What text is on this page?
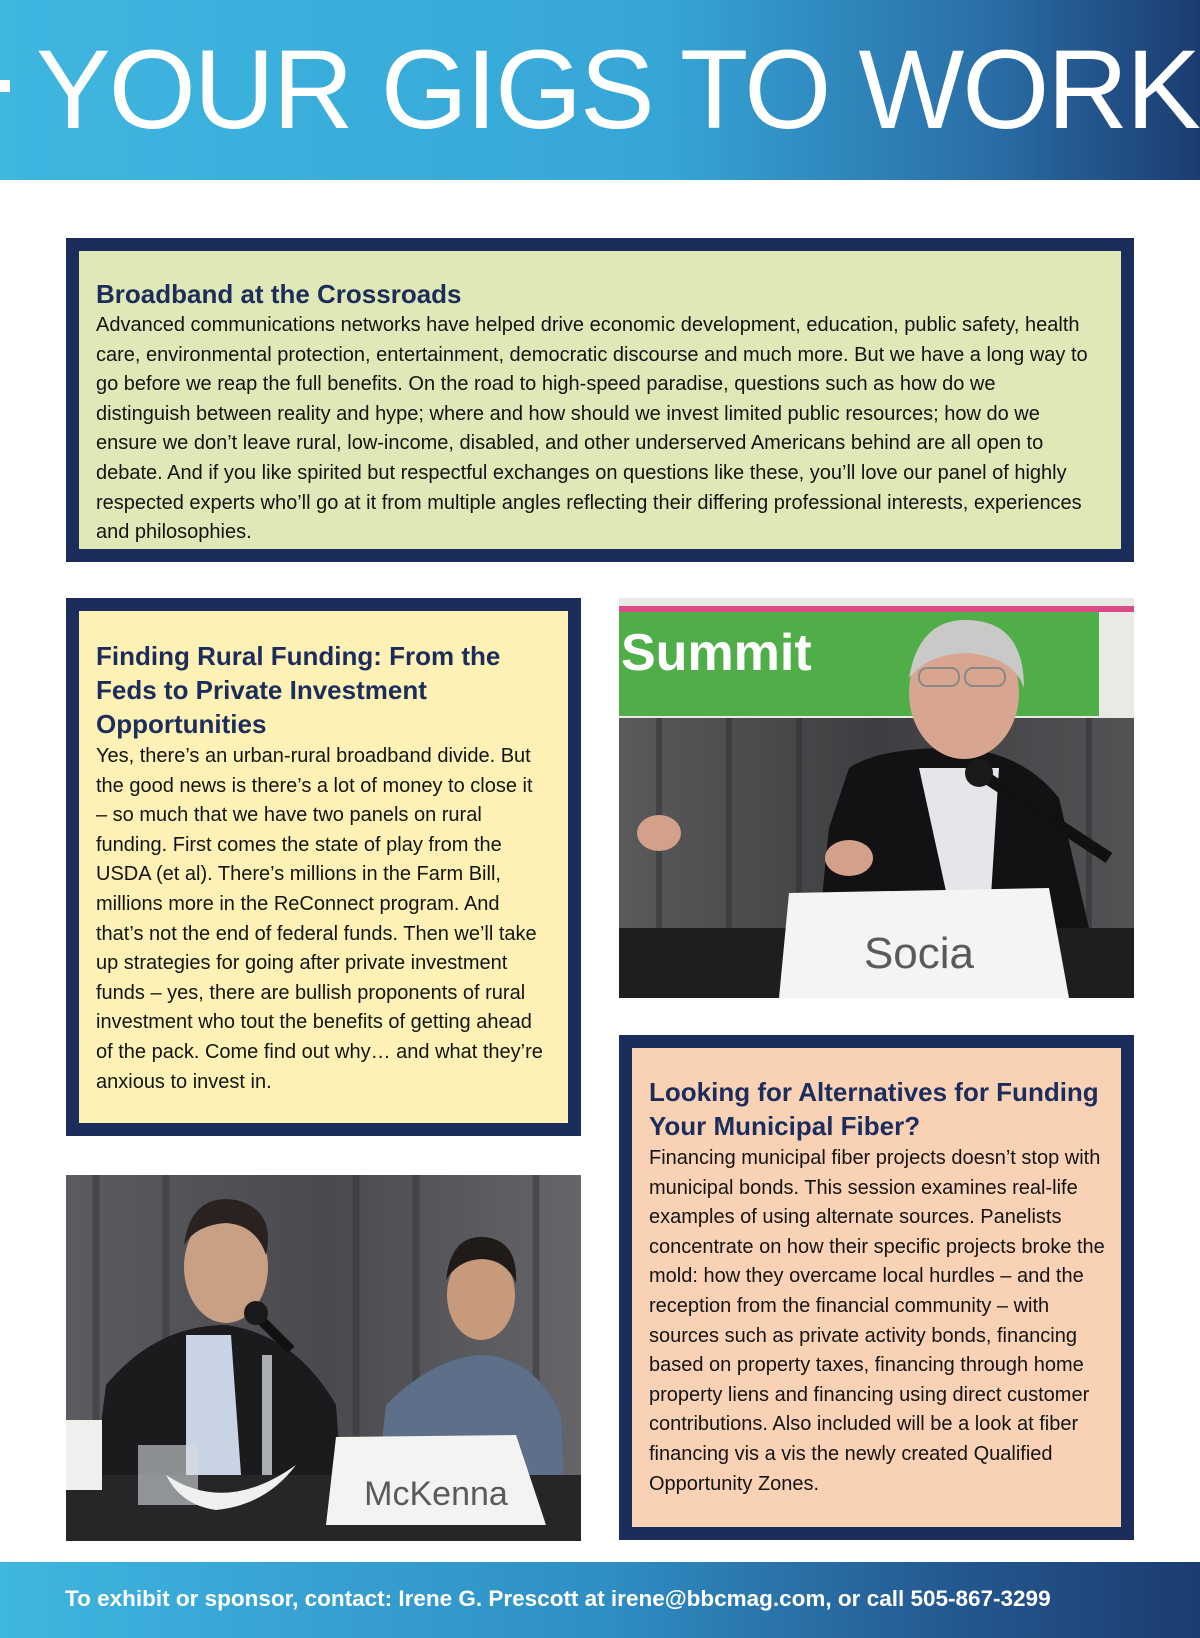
YOUR GIGS TO WORK
Broadband at the Crossroads

Advanced communications networks have helped drive economic development, education, public safety, health care, environmental protection, entertainment, democratic discourse and much more. But we have a long way to go before we reap the full benefits. On the road to high-speed paradise, questions such as how do we distinguish between reality and hype; where and how should we invest limited public resources; how do we ensure we don’t leave rural, low-income, disabled, and other underserved Americans behind are all open to debate. And if you like spirited but respectful exchanges on questions like these, you’ll love our panel of highly respected experts who’ll go at it from multiple angles reflecting their differing professional interests, experiences and philosophies.

Finding Rural Funding: From the Feds to Private Investment Opportunities

Yes, there’s an urban-rural broadband divide. But the good news is there’s a lot of money to close it – so much that we have two panels on rural funding. First comes the state of play from the USDA (et al). There’s millions in the Farm Bill, millions more in the ReConnect program. And that’s not the end of federal funds. Then we’ll take up strategies for going after private investment funds – yes, there are bullish proponents of rural investment who tout the benefits of getting ahead of the pack. Come find out why… and what they’re anxious to invest in.

Summit
Socia
McKenna
Looking for Alternatives for Funding Your Municipal Fiber?

Financing municipal fiber projects doesn’t stop with municipal bonds. This session examines real-life examples of using alternate sources. Panelists concentrate on how their specific projects broke the mold: how they overcame local hurdles – and the reception from the financial community – with sources such as private activity bonds, financing based on property taxes, financing through home property liens and financing using direct customer contributions. Also included will be a look at fiber financing vis a vis the newly created Qualified Opportunity Zones.

To exhibit or sponsor, contact: Irene G. Prescott at irene@bbcmag.com, or call 505-867-3299
